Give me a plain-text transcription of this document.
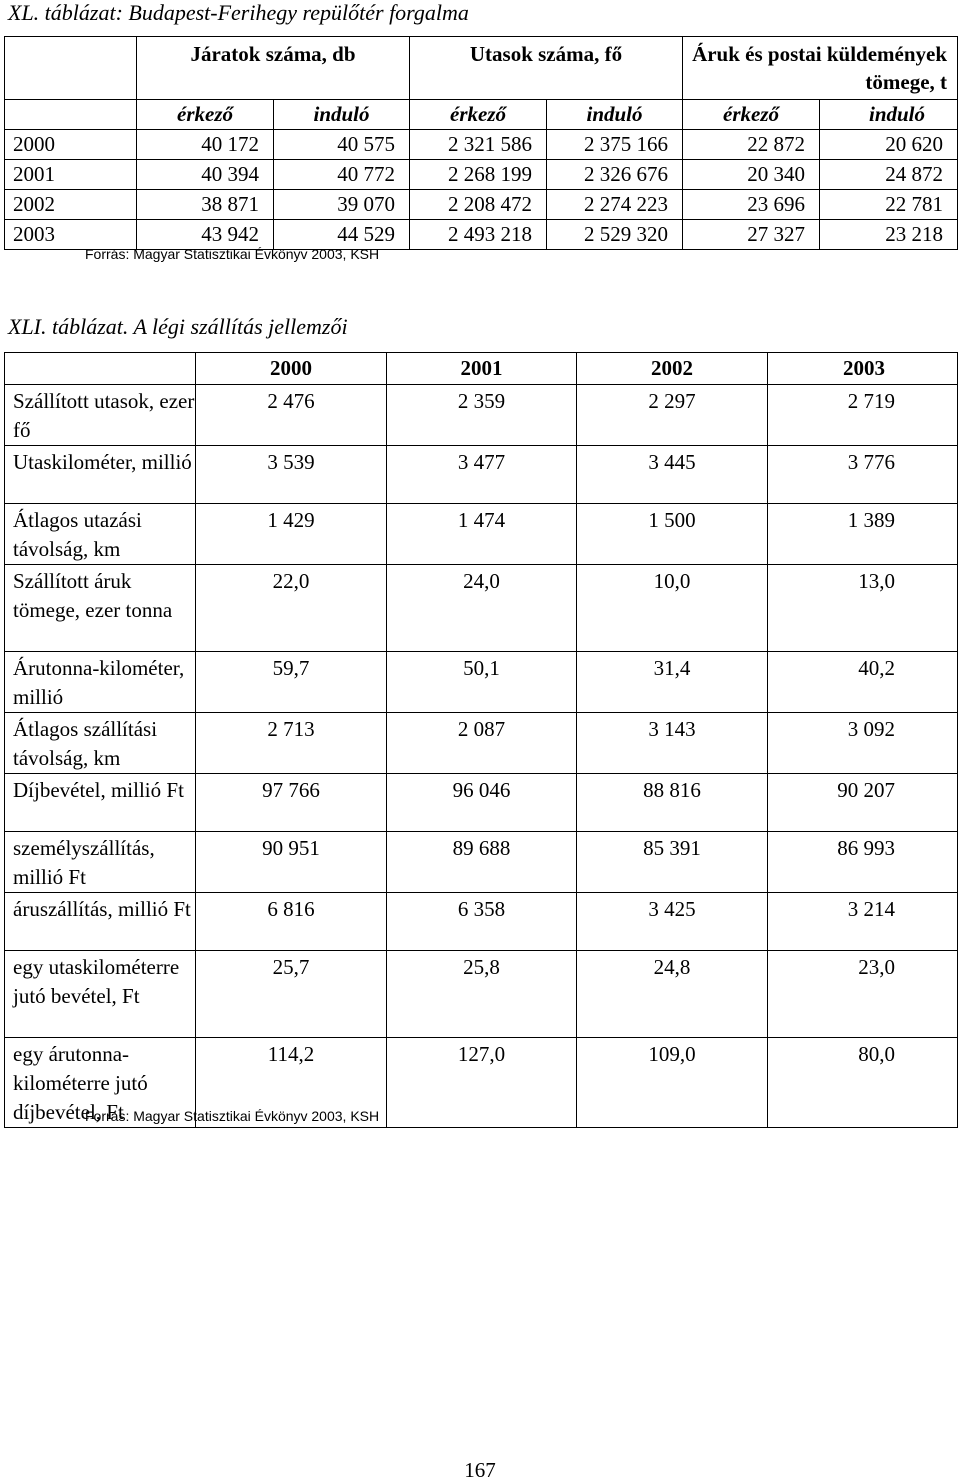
XL. táblázat: Budapest-Ferihegy repülőtér forgalma
	Járatok száma, db		Utasok száma, fő		Áruk és postai küldemények tömege, t	
	érkező	induló	érkező	induló	érkező	induló
2000	40 172	40 575	2 321 586	2 375 166	22 872	20 620
2001	40 394	40 772	2 268 199	2 326 676	20 340	24 872
2002	38 871	39 070	2 208 472	2 274 223	23 696	22 781
2003	43 942	44 529	2 493 218	2 529 320	27 327	23 218
Forrás: Magyar Statisztikai Évkönyv 2003, KSH
XLI. táblázat. A légi szállítás jellemzői
	2000	2001	2002	2003
Szállított utasok, ezer fő	2 476	2 359	2 297	2 719
Utaskilométer, millió	3 539	3 477	3 445	3 776
Átlagos utazási távolság, km	1 429	1 474	1 500	1 389
Szállított áruk tömege, ezer tonna	22,0	24,0	10,0	13,0
Árutonna-kilométer, millió	59,7	50,1	31,4	40,2
Átlagos szállítási távolság, km	2 713	2 087	3 143	3 092
Díjbevétel, millió Ft	97 766	96 046	88 816	90 207
személyszállítás, millió Ft	90 951	89 688	85 391	86 993
áruszállítás, millió Ft	6 816	6 358	3 425	3 214
egy utaskilométerre jutó bevétel, Ft	25,7	25,8	24,8	23,0
egy árutonna-kilométerre jutó díjbevétel, Ft	114,2	127,0	109,0	80,0
Forrás: Magyar Statisztikai Évkönyv 2003, KSH
167
